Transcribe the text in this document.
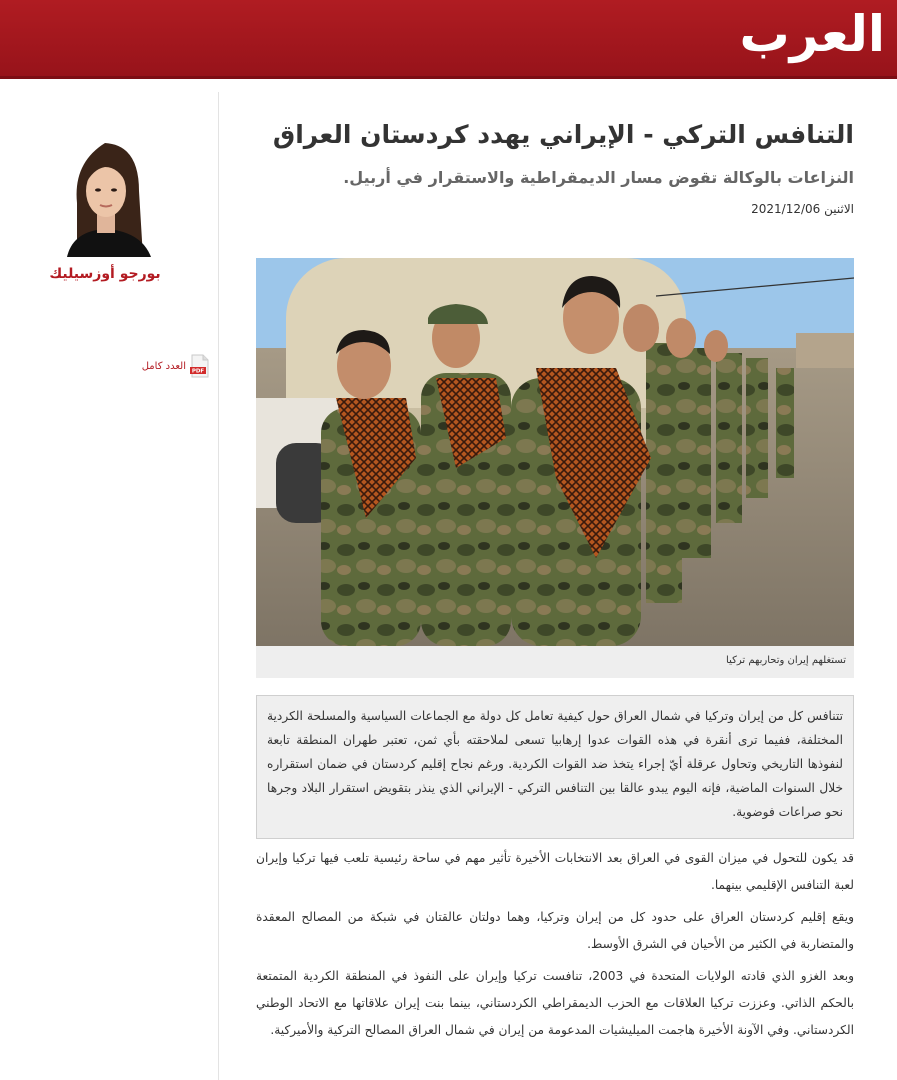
العرب
بورجو أوزسيليك
PDF
العدد كامل
التنافس التركي - الإيراني يهدد كردستان العراق
النزاعات بالوكالة تقوض مسار الديمقراطية والاستقرار في أربيل.
الاثنين 2021/12/06
تستغلهم إيران وتحاربهم تركيا

تتنافس كل من إيران وتركيا في شمال العراق حول كيفية تعامل كل دولة مع الجماعات السياسية والمسلحة الكردية المختلفة، ففيما ترى أنقرة في هذه القوات عدوا إرهابيا تسعى لملاحقته بأي ثمن، تعتبر طهران المنطقة تابعة لنفوذها التاريخي وتحاول عرقلة أيّ إجراء يتخذ ضد القوات الكردية. ورغم نجاح إقليم كردستان في ضمان استقراره خلال السنوات الماضية، فإنه اليوم يبدو عالقا بين التنافس التركي - الإيراني الذي ينذر بتقويض استقرار البلاد وجرها نحو صراعات فوضوية.

قد يكون للتحول في ميزان القوى في العراق بعد الانتخابات الأخيرة تأثير مهم في ساحة رئيسية تلعب فيها تركيا وإيران لعبة التنافس الإقليمي بينهما.

ويقع إقليم كردستان العراق على حدود كل من إيران وتركيا، وهما دولتان عالقتان في شبكة من المصالح المعقدة والمتضاربة في الكثير من الأحيان في الشرق الأوسط.

وبعد الغزو الذي قادته الولايات المتحدة في 2003، تنافست تركيا وإيران على النفوذ في المنطقة الكردية المتمتعة بالحكم الذاتي. وعززت تركيا العلاقات مع الحزب الديمقراطي الكردستاني، بينما بنت إيران علاقاتها مع الاتحاد الوطني الكردستاني. وفي الآونة الأخيرة هاجمت الميليشيات المدعومة من إيران في شمال العراق المصالح التركية والأميركية.
